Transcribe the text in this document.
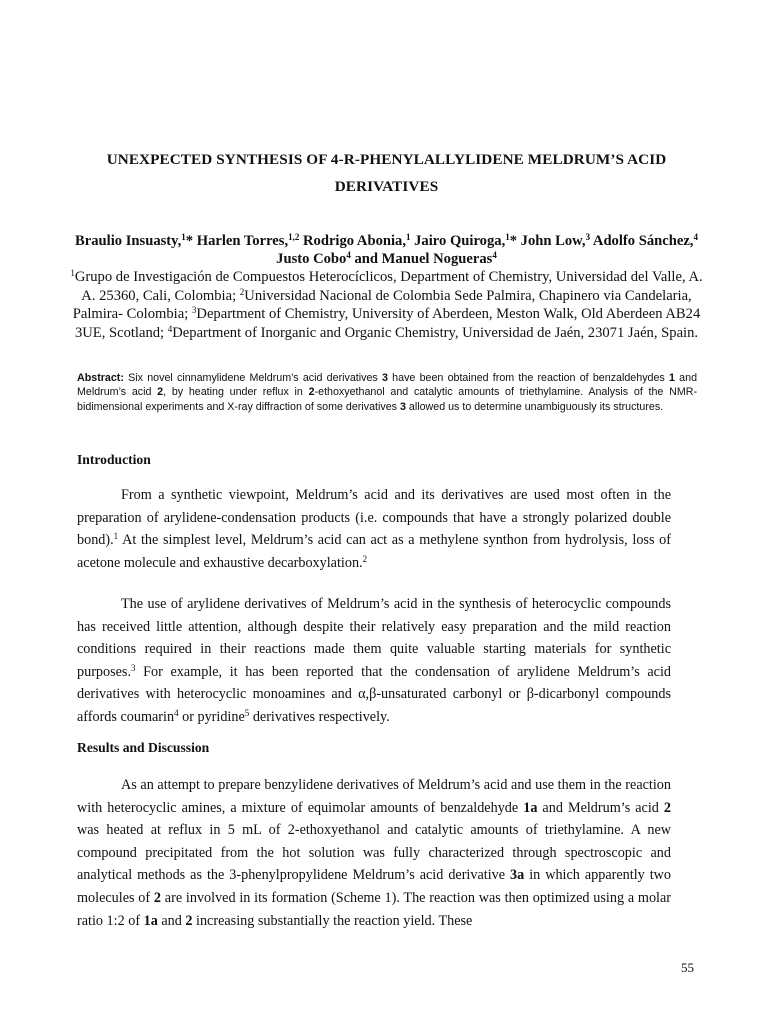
UNEXPECTED SYNTHESIS OF 4-R-PHENYLALLYLIDENE MELDRUM’S ACID DERIVATIVES
Braulio Insuasty,$^1$* Harlen Torres,$^{1,2}$ Rodrigo Abonia,$^1$ Jairo Quiroga,$^1$* John Low,$^3$ Adolfo Sánchez,$^4$ Justo Cobo$^4$ and Manuel Nogueras$^4$
$^1$Grupo de Investigación de Compuestos Heterocíclicos, Department of Chemistry, Universidad del Valle, A. A. 25360, Cali, Colombia; $^2$Universidad Nacional de Colombia Sede Palmira, Chapinero via Candelaria, Palmira- Colombia; $^3$Department of Chemistry, University of Aberdeen, Meston Walk, Old Aberdeen AB24 3UE, Scotland; $^4$Department of Inorganic and Organic Chemistry, Universidad de Jaén, 23071 Jaén, Spain.
Abstract: Six novel cinnamylidene Meldrum’s acid derivatives 3 have been obtained from the reaction of benzaldehydes 1 and Meldrum’s acid 2, by heating under reflux in 2-ethoxyethanol and catalytic amounts of triethylamine. Analysis of the NMR-bidimensional experiments and X-ray diffraction of some derivatives 3 allowed us to determine unambiguously its structures.
Introduction
From a synthetic viewpoint, Meldrum’s acid and its derivatives are used most often in the preparation of arylidene-condensation products (i.e. compounds that have a strongly polarized double bond).$^1$ At the simplest level, Meldrum’s acid can act as a methylene synthon from hydrolysis, loss of acetone molecule and exhaustive decarboxylation.$^2$
The use of arylidene derivatives of Meldrum’s acid in the synthesis of heterocyclic compounds has received little attention, although despite their relatively easy preparation and the mild reaction conditions required in their reactions made them quite valuable starting materials for synthetic purposes.$^3$ For example, it has been reported that the condensation of arylidene Meldrum’s acid derivatives with heterocyclic monoamines and α,β-unsaturated carbonyl or β-dicarbonyl compounds affords coumarin$^4$ or pyridine$^5$ derivatives respectively.
Results and Discussion
As an attempt to prepare benzylidene derivatives of Meldrum’s acid and use them in the reaction with heterocyclic amines, a mixture of equimolar amounts of benzaldehyde 1a and Meldrum’s acid 2 was heated at reflux in 5 mL of 2-ethoxyethanol and catalytic amounts of triethylamine. A new compound precipitated from the hot solution was fully characterized through spectroscopic and analytical methods as the 3-phenylpropylidene Meldrum’s acid derivative 3a in which apparently two molecules of 2 are involved in its formation (Scheme 1). The reaction was then optimized using a molar ratio 1:2 of 1a and 2 increasing substantially the reaction yield. These
55
